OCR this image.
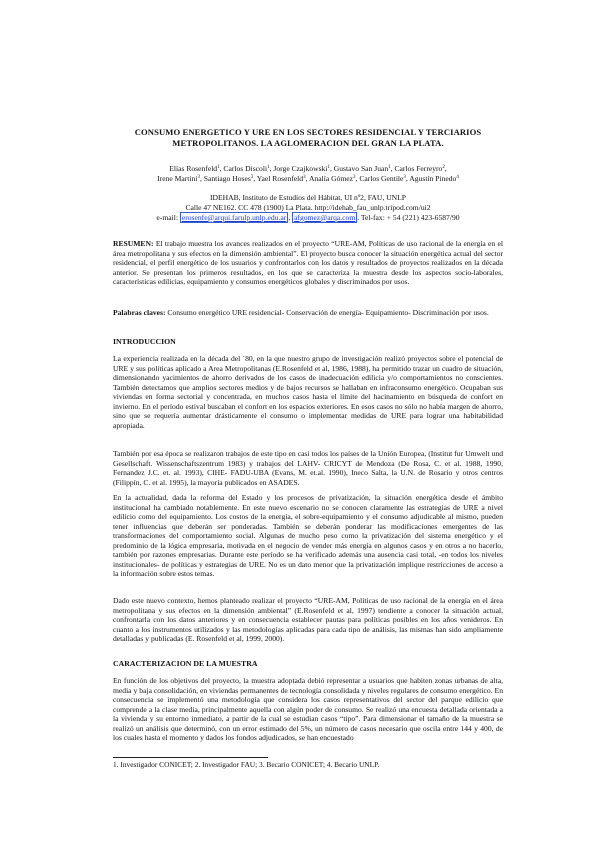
CONSUMO ENERGETICO Y URE EN LOS SECTORES RESIDENCIAL Y TERCIARIOS
METROPOLITANOS. LA AGLOMERACION DEL GRAN LA PLATA.
Elías Rosenfeld$^1$, Carlos Discoli$^1$, Jorge Czajkowski$^1$, Gustavo San Juan$^1$, Carlos Ferreyro$^2$,
Irene Martini$^3$, Santiago Hoses$^3$, Yael Rosenfeld$^3$, Analía Gómez$^3$, Carlos Gentile$^3$, Agustín Pinedo$^4$
IDEHAB, Instituto de Estudios del Hábitat, UI nº2, FAU, UNLP
Calle 47 NE162. CC 478 (1900) La Plata. http://idehab_fau_unlp.tripod.com/ui2
e-mail: erosenfe@arqui.farulp.unlp.edu.ar , afgomez@arqa.com . Tel-fax: + 54 (221) 423-6587/90
RESUMEN: El trabajo muestra los avances realizados en el proyecto “URE-AM, Políticas de uso racional de la energía en el área metropolitana y sus efectos en la dimensión ambiental”. El proyecto busca conocer la situación energética actual del sector residencial, el perfil energético de los usuarios y confrontarlos con los datos y resultados de proyectos realizados en la década anterior. Se presentan los primeros resultados, en los que se caracteriza la muestra desde los aspectos socio-laborales, características edilicias, equipamiento y consumos energéticos globales y discriminados por usos.
Palabras claves: Consumo energético URE residencial- Conservación de energía- Equipamiento- Discriminación por usos.
INTRODUCCION
La experiencia realizada en la década del ´80, en la que nuestro grupo de investigación realizó proyectos sobre el potencial de URE y sus políticas aplicado a Area Metropolitanas (E.Rosenfeld et al, 1986, 1988), ha permitido trazar un cuadro de situación, dimensionando yacimientos de ahorro derivados de los casos de inadecuación edilicia y/o comportamientos no conscientes. También detectamos que amplios sectores medios y de bajos recursos se hallaban en infraconsumo energético. Ocupaban sus viviendas en forma sectorial y concentrada, en muchos casos hasta el límite del hacinamiento en búsqueda de confort en invierno. En el período estival buscaban el confort en los espacios exteriores. En esos casos no sólo no había margen de ahorro, sino que se requería aumentar drásticamente el consumo o implementar medidas de URE para lograr una habitabilidad apropiada.
También por esa época se realizaron trabajos de este tipo en casi todos los países de la Unión Europea, (Institut fur Umwelt und Gesellschaft. Wissenschaftszentrum 1983) y trabajos del LAHV- CRICYT de Mendoza (De Rosa, C. et al. 1988, 1990, Fernandez J.C. et. al. 1993), CIHE- FADU-UBA (Evans, M. et.al. 1990), Ineco Salta, la U.N. de Rosario y otros centros (Filippín, C. et al. 1995), la mayoría publicados en ASADES.
En la actualidad, dada la reforma del Estado y los procesos de privatización, la situación energética desde el ámbito institucional ha cambiado notablemente. En este nuevo escenario no se conocen claramente las estrategias de URE a nivel edilicio como del equipamiento. Los costos de la energía, el sobre-equipamiento y el consumo adjudicable al mismo, pueden tener influencias que deberán ser ponderadas. También se deberán ponderar las modificaciones emergentes de las transformaciones del comportamiento social. Algunas de mucho peso como la privatización del sistema energético y el predominio de la lógica empresaria, motivada en el negocio de vender más energía en algunos casos y en otros a no hacerlo, también por razones empresarias. Durante este período se ha verificado además una ausencia casi total, -en todos los niveles institucionales- de políticas y estrategias de URE. No es un dato menor que la privatización implique restricciones de acceso a la información sobre estos temas.
Dado este nuevo contexto, hemos planteado realizar el proyecto “URE-AM, Políticas de uso racional de la energía en el área metropolitana y sus efectos en la dimensión ambiental” (E.Rosenfeld et al, 1997) tendiente a conocer la situación actual, confrontarla con los datos anteriores y en consecuencia establecer pautas para políticas posibles en los años venideros. En cuanto a los instrumentos utilizados y las metodologías aplicadas para cada tipo de análisis, las mismas han sido ampliamente detalladas y publicadas (E. Rosenfeld et al, 1999, 2000).
CARACTERIZACION DE LA MUESTRA
En función de los objetivos del proyecto, la muestra adoptada debió representar a usuarios que habiten zonas urbanas de alta, media y baja consolidación, en viviendas permanentes de tecnología consolidada y niveles regulares de consumo energético. En consecuencia se implementó una metodología que considera los casos representativos del sector del parque edilicio que comprende a la clase media, principalmente aquella con algún poder de consumo. Se realizó una encuesta detallada orientada a la vivienda y su entorno inmediato, a partir de la cual se estudian casos “tipo”. Para dimensionar el tamaño de la muestra se realizó un análisis que determinó, con un error estimado del 5%, un número de casos necesario que oscila entre 144 y 400, de los cuales hasta el momento y dados los fondos adjudicados, se han encuestado
1. Investigador CONICET; 2. Investigador FAU; 3. Becario CONICET; 4. Becario UNLP.
